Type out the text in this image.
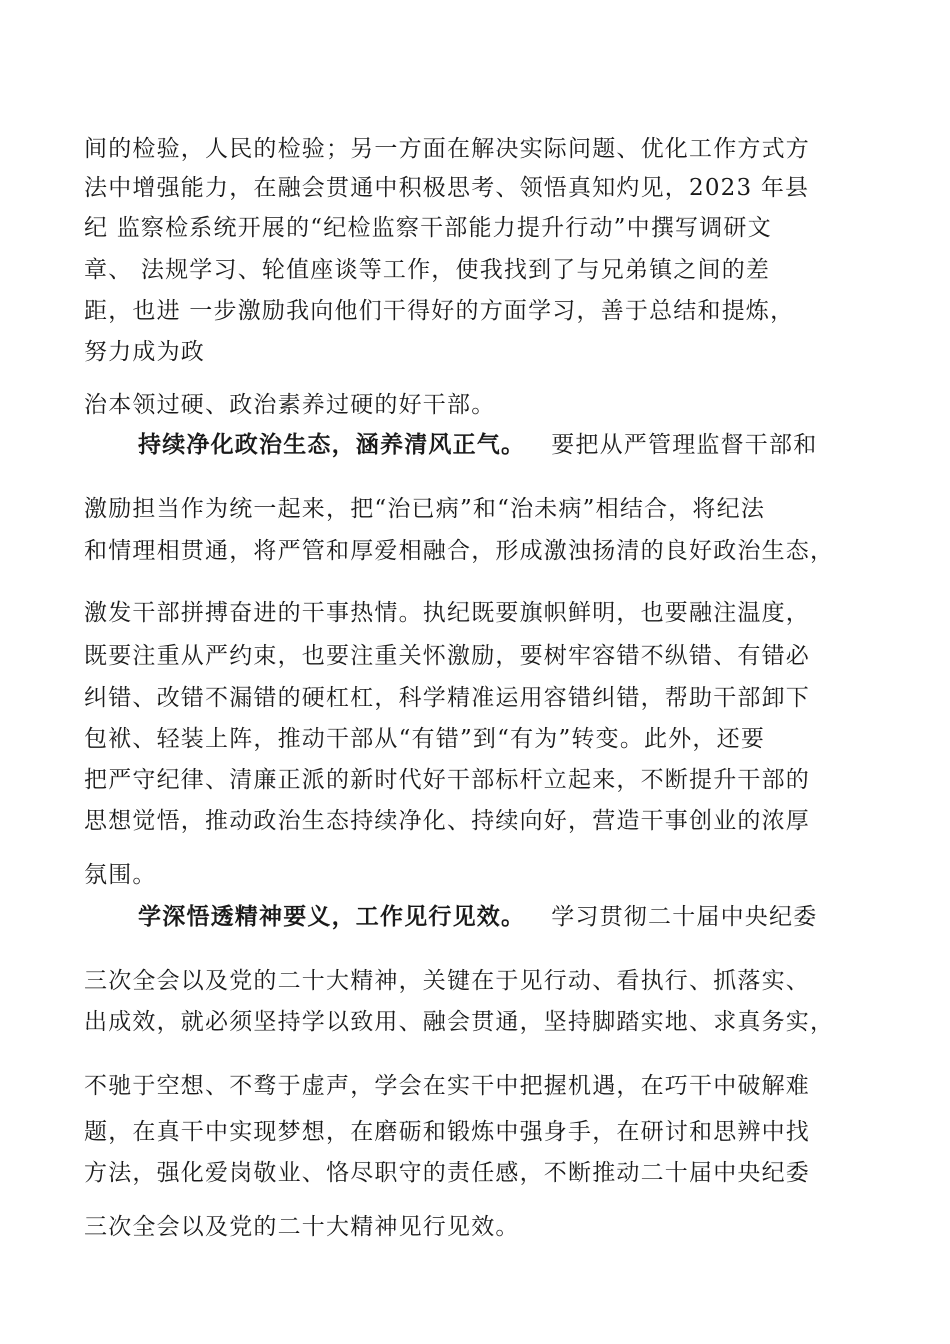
间的检验，人民的检验；另一方面在解决实际问题、优化工作方式方
法中增强能力，在融会贯通中积极思考、领悟真知灼见，2023 年县
纪 监察检系统开展的“纪检监察干部能力提升行动”中撰写调研文
章、 法规学习、轮值座谈等工作，使我找到了与兄弟镇之间的差
距，也进 一步激励我向他们干得好的方面学习，善于总结和提炼，
努力成为政
治本领过硬、政治素养过硬的好干部。
持续净化政治生态，涵养清风正气。 要把从严管理监督干部和
激励担当作为统一起来，把“治已病”和“治未病”相结合，将纪法
和情理相贯通，将严管和厚爱相融合，形成激浊扬清的良好政治生态，
激发干部拼搏奋进的干事热情。执纪既要旗帜鲜明，也要融注温度，
既要注重从严约束，也要注重关怀激励，要树牢容错不纵错、有错必
纠错、改错不漏错的硬杠杠，科学精准运用容错纠错，帮助干部卸下
包袱、轻装上阵，推动干部从“有错”到“有为”转变。此外，还要
把严守纪律、清廉正派的新时代好干部标杆立起来，不断提升干部的
思想觉悟，推动政治生态持续净化、持续向好，营造干事创业的浓厚
氛围。
学深悟透精神要义，工作见行见效。 学习贯彻二十届中央纪委
三次全会以及党的二十大精神，关键在于见行动、看执行、抓落实、
出成效，就必须坚持学以致用、融会贯通，坚持脚踏实地、求真务实，
不驰于空想、不骛于虚声，学会在实干中把握机遇，在巧干中破解难
题，在真干中实现梦想，在磨砺和锻炼中强身手，在研讨和思辨中找
方法，强化爱岗敬业、恪尽职守的责任感，不断推动二十届中央纪委
三次全会以及党的二十大精神见行见效。
